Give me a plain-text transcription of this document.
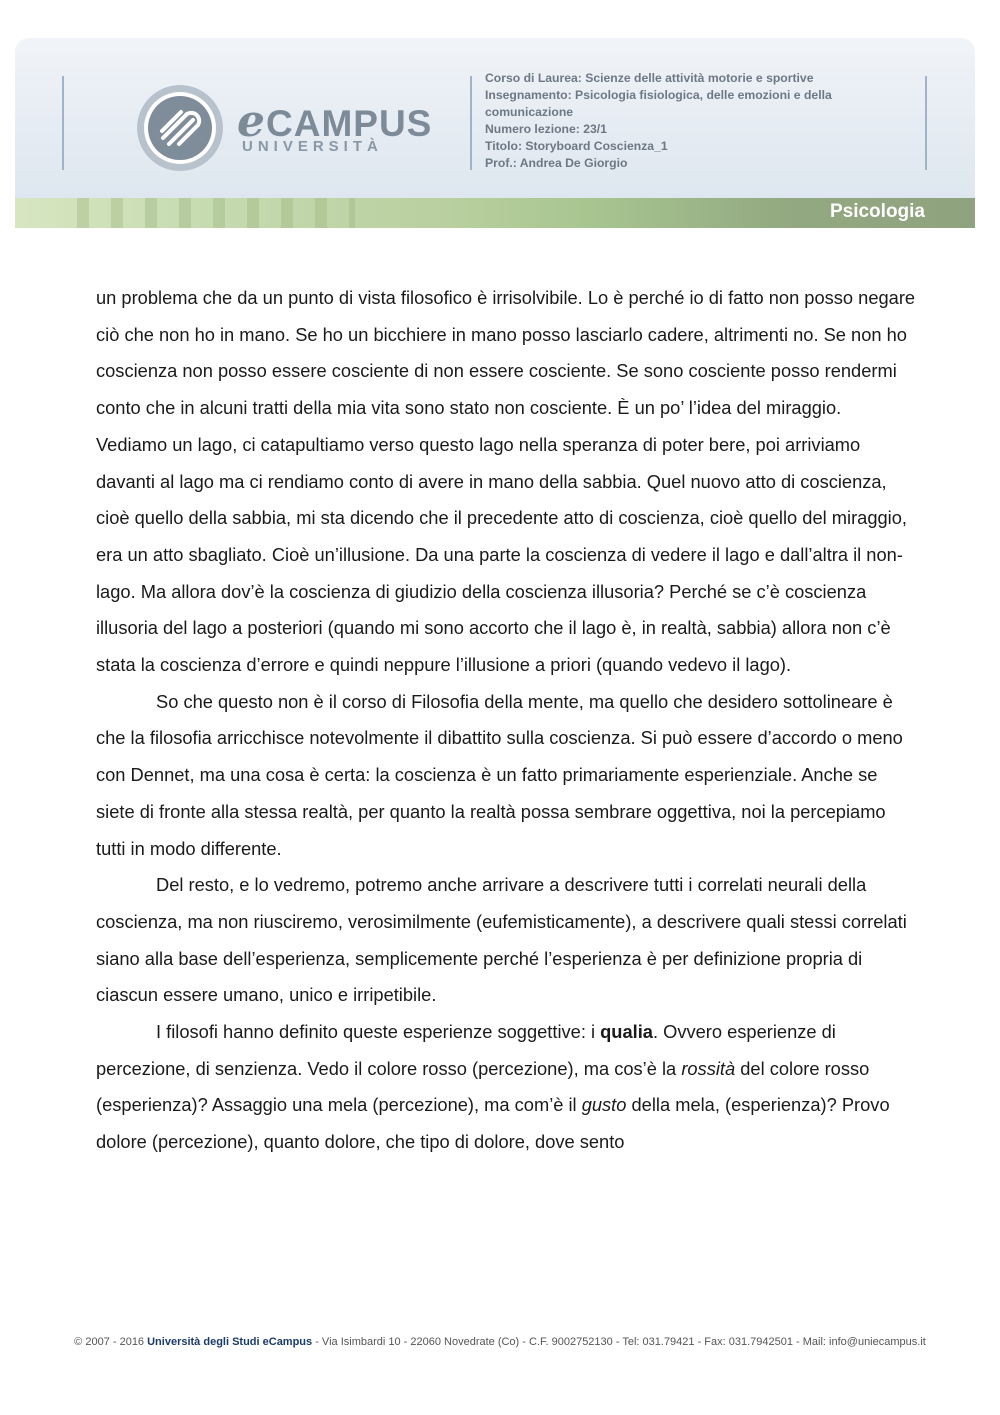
eCAMPUS
UNIVERSITÀ
Corso di Laurea: Scienze delle attività motorie e sportive
Insegnamento: Psicologia fisiologica, delle emozioni e della
comunicazione
Numero lezione: 23/1
Titolo: Storyboard Coscienza_1
Prof.: Andrea De Giorgio
Psicologia

un problema che da un punto di vista filosofico è irrisolvibile. Lo è perché io di fatto non posso negare ciò che non ho in mano. Se ho un bicchiere in mano posso lasciarlo cadere, altrimenti no. Se non ho coscienza non posso essere cosciente di non essere cosciente. Se sono cosciente posso rendermi conto che in alcuni tratti della mia vita sono stato non cosciente. È un po’ l’idea del miraggio. Vediamo un lago, ci catapultiamo verso questo lago nella speranza di poter bere, poi arriviamo davanti al lago ma ci rendiamo conto di avere in mano della sabbia. Quel nuovo atto di coscienza, cioè quello della sabbia, mi sta dicendo che il precedente atto di coscienza, cioè quello del miraggio, era un atto sbagliato. Cioè un’illusione. Da una parte la coscienza di vedere il lago e dall’altra il non-lago. Ma allora dov’è la coscienza di giudizio della coscienza illusoria? Perché se c’è coscienza illusoria del lago a posteriori (quando mi sono accorto che il lago è, in realtà, sabbia) allora non c’è stata la coscienza d’errore e quindi neppure l’illusione a priori (quando vedevo il lago).

So che questo non è il corso di Filosofia della mente, ma quello che desidero sottolineare è che la filosofia arricchisce notevolmente il dibattito sulla coscienza. Si può essere d’accordo o meno con Dennet, ma una cosa è certa: la coscienza è un fatto primariamente esperienziale. Anche se siete di fronte alla stessa realtà, per quanto la realtà possa sembrare oggettiva, noi la percepiamo tutti in modo differente.

Del resto, e lo vedremo, potremo anche arrivare a descrivere tutti i correlati neurali della coscienza, ma non riusciremo, verosimilmente (eufemisticamente), a descrivere quali stessi correlati siano alla base dell’esperienza, semplicemente perché l’esperienza è per definizione propria di ciascun essere umano, unico e irripetibile.

I filosofi hanno definito queste esperienze soggettive: i qualia. Ovvero esperienze di percezione, di senzienza. Vedo il colore rosso (percezione), ma cos’è la rossità del colore rosso (esperienza)? Assaggio una mela (percezione), ma com’è il gusto della mela, (esperienza)? Provo dolore (percezione), quanto dolore, che tipo di dolore, dove sento

© 2007 - 2016 Università degli Studi eCampus - Via Isimbardi 10 - 22060 Novedrate (Co) - C.F. 9002752130 - Tel: 031.79421 - Fax: 031.7942501 - Mail: info@uniecampus.it
